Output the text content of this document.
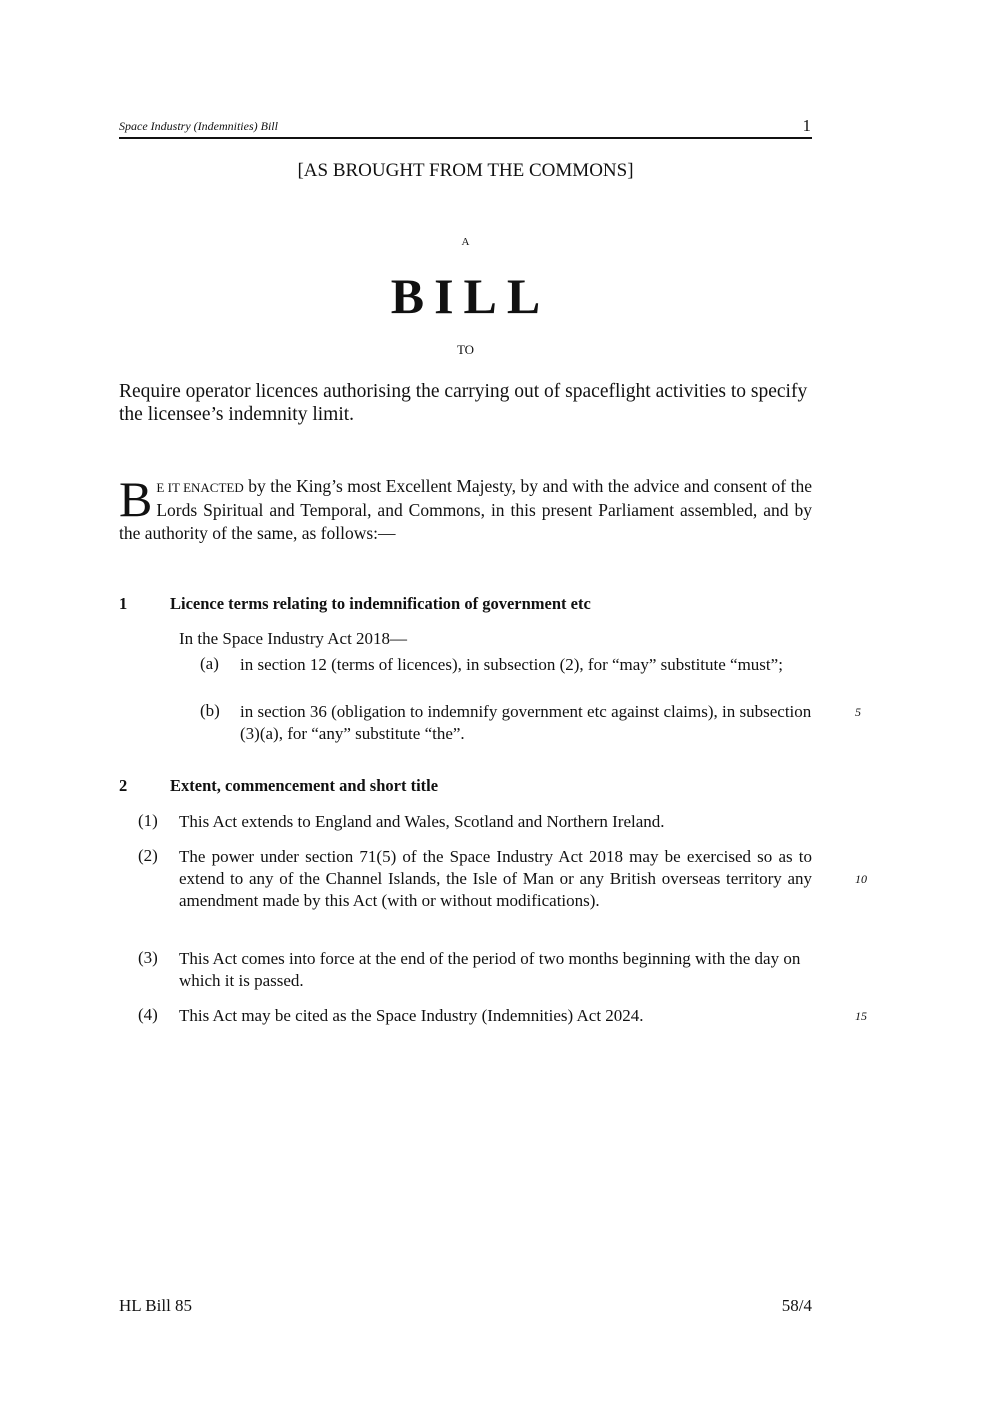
Space Industry (Indemnities) Bill	1
[AS BROUGHT FROM THE COMMONS]
A
BILL
TO
Require operator licences authorising the carrying out of spaceflight activities to specify the licensee’s indemnity limit.
B E IT ENACTED by the King’s most Excellent Majesty, by and with the advice and consent of the Lords Spiritual and Temporal, and Commons, in this present Parliament assembled, and by the authority of the same, as follows:—
1	Licence terms relating to indemnification of government etc
In the Space Industry Act 2018—
(a) in section 12 (terms of licences), in subsection (2), for “may” substitute “must”;
(b) in section 36 (obligation to indemnify government etc against claims), in subsection (3)(a), for “any” substitute “the”.
5
2	Extent, commencement and short title
(1) This Act extends to England and Wales, Scotland and Northern Ireland.
(2) The power under section 71(5) of the Space Industry Act 2018 may be exercised so as to extend to any of the Channel Islands, the Isle of Man or any British overseas territory any amendment made by this Act (with or without modifications).
10
(3) This Act comes into force at the end of the period of two months beginning with the day on which it is passed.
(4) This Act may be cited as the Space Industry (Indemnities) Act 2024.	15
HL Bill 85	58/4
